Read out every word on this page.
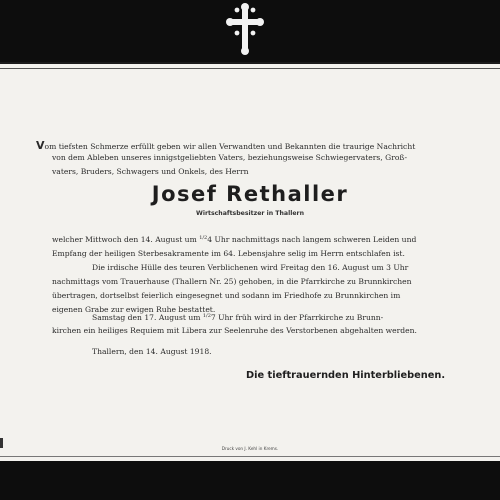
Vom tiefsten Schmerze erfüllt geben wir allen Verwandten und Bekannten die traurige Nachricht
von dem Ableben unseres innigstgeliebten Vaters, beziehungsweise Schwiegervaters, Groß-
vaters, Bruders, Schwagers und Onkels, des Herrn
Josef Rethaller
Wirtschaftsbesitzer in Thallern
welcher Mittwoch den 14. August um $^{1/2}$4 Uhr nachmittags nach langem schweren Leiden und
Empfang der heiligen Sterbesakramente im 64. Lebensjahre selig im Herrn entschlafen ist.
Die irdische Hülle des teuren Verblichenen wird Freitag den 16. August um 3 Uhr
nachmittags vom Trauerhause (Thallern Nr. 25) gehoben, in die Pfarrkirche zu Brunnkirchen
übertragen, dortselbst feierlich eingesegnet und sodann im Friedhofe zu Brunnkirchen im
eigenen Grabe zur ewigen Ruhe bestattet.
Samstag den 17. August um $^{1/2}$7 Uhr früh wird in der Pfarrkirche zu Brunn-
kirchen ein heiliges Requiem mit Libera zur Seelenruhe des Verstorbenen abgehalten werden.
Thallern, den 14. August 1918.
Die tieftrauernden Hinterbliebenen.
Druck von J. Kehl in Krems.
